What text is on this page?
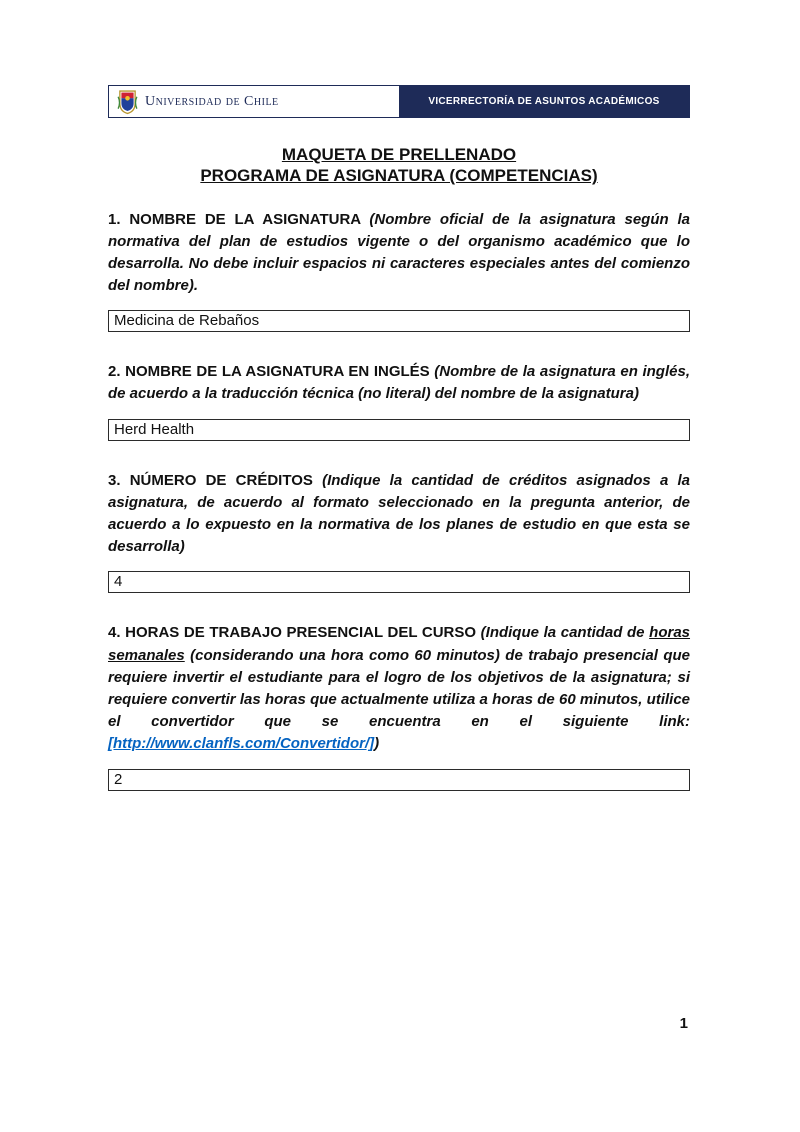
Universidad de Chile	VICERRECTORÍA DE ASUNTOS ACADÉMICOS
MAQUETA DE PRELLENADO
PROGRAMA DE ASIGNATURA (COMPETENCIAS)

1. NOMBRE DE LA ASIGNATURA (Nombre oficial de la asignatura según la normativa del plan de estudios vigente o del organismo académico que lo desarrolla. No debe incluir espacios ni caracteres especiales antes del comienzo del nombre).

Medicina de Rebaños

2. NOMBRE DE LA ASIGNATURA EN INGLÉS (Nombre de la asignatura en inglés, de acuerdo a la traducción técnica (no literal) del nombre de la asignatura)

Herd Health

3. NÚMERO DE CRÉDITOS (Indique la cantidad de créditos asignados a la asignatura, de acuerdo al formato seleccionado en la pregunta anterior, de acuerdo a lo expuesto en la normativa de los planes de estudio en que esta se desarrolla)

4

4. HORAS DE TRABAJO PRESENCIAL DEL CURSO (Indique la cantidad de horas semanales (considerando una hora como 60 minutos) de trabajo presencial que requiere invertir el estudiante para el logro de los objetivos de la asignatura; si requiere convertir las horas que actualmente utiliza a horas de 60 minutos, utilice el convertidor que se encuentra en el siguiente link: [http://www.clanfls.com/Convertidor/])

2
1
